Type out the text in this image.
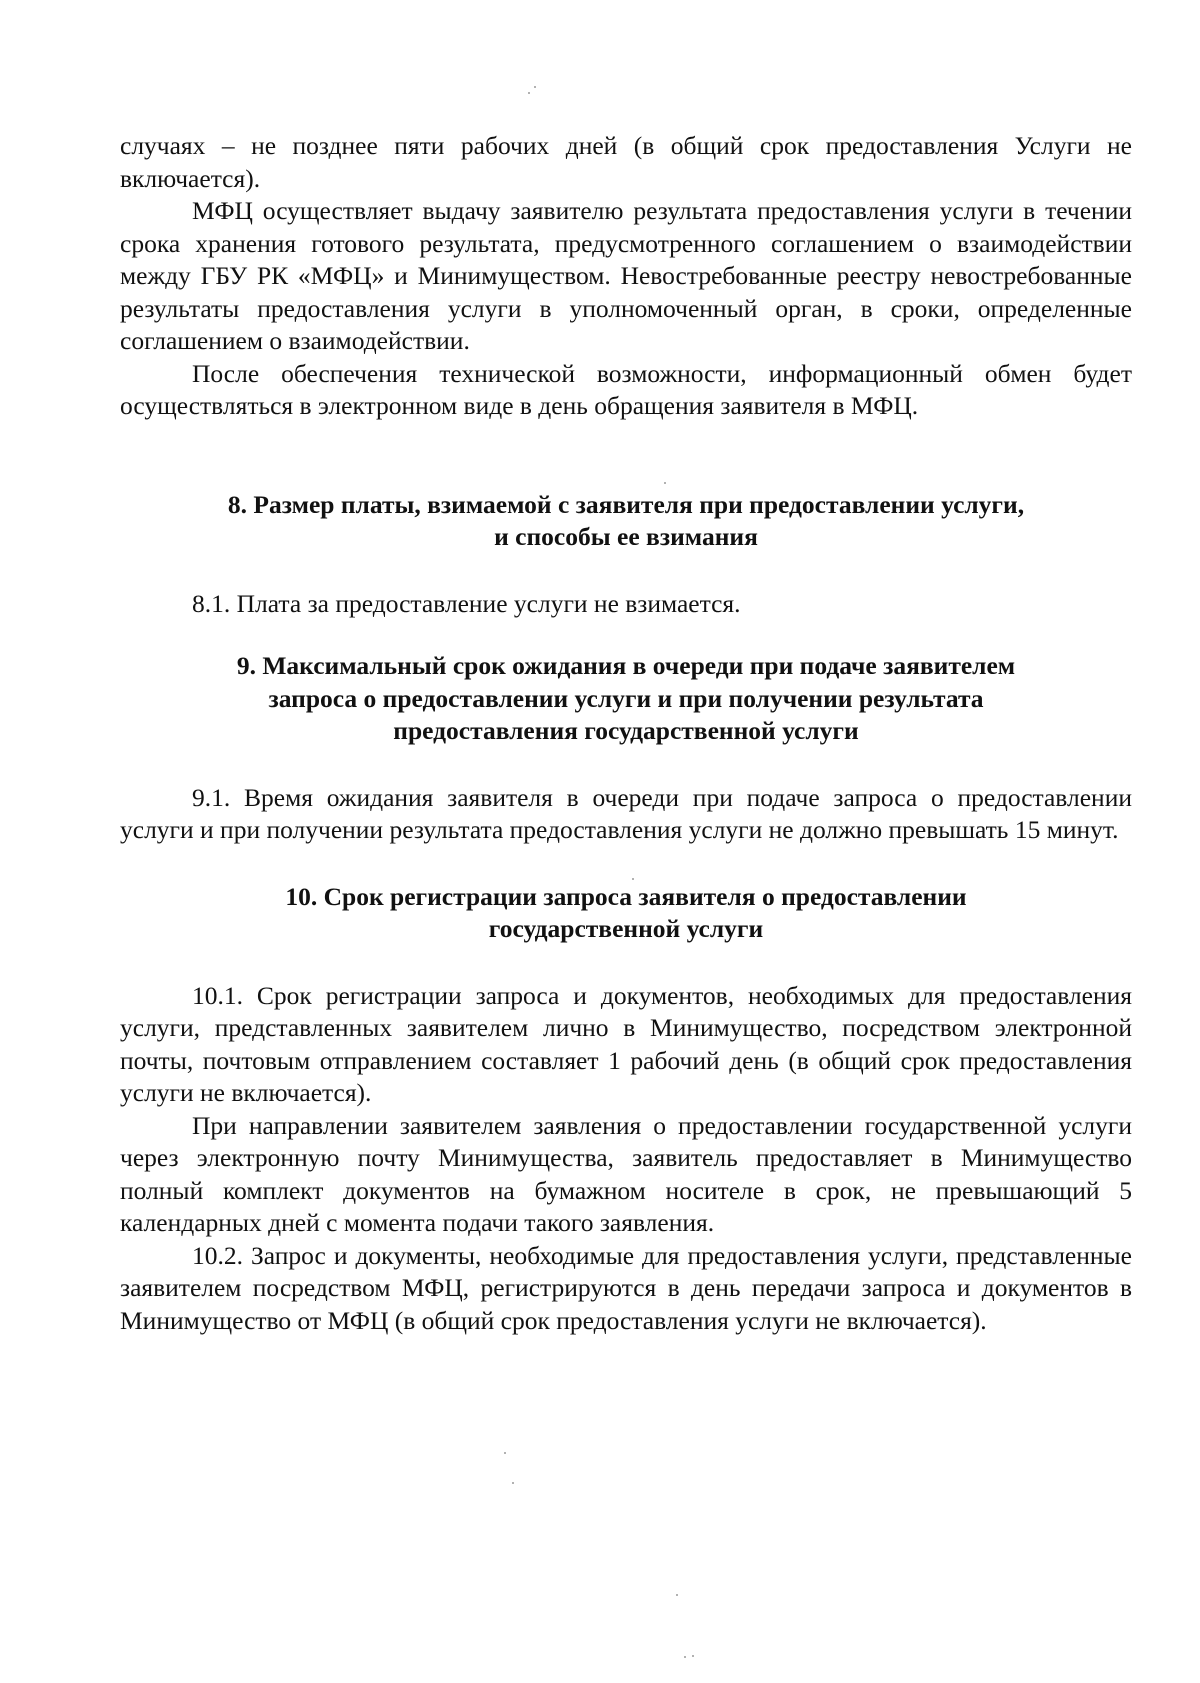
случаях – не позднее пяти рабочих дней (в общий срок предоставления Услуги не включается).

МФЦ осуществляет выдачу заявителю результата предоставления услуги в течении срока хранения готового результата, предусмотренного соглашением о взаимодействии между ГБУ РК «МФЦ» и Минимуществом. Невостребованные реестру невостребованные результаты предоставления услуги в уполномоченный орган, в сроки, определенные соглашением о взаимодействии.

После обеспечения технической возможности, информационный обмен будет осуществляться в электронном виде в день обращения заявителя в МФЦ.

8. Размер платы, взимаемой с заявителя при предоставлении услуги,

и способы ее взимания

8.1. Плата за предоставление услуги не взимается.

9. Максимальный срок ожидания в очереди при подаче заявителем

запроса о предоставлении услуги и при получении результата

предоставления государственной услуги

9.1. Время ожидания заявителя в очереди при подаче запроса о предоставлении услуги и при получении результата предоставления услуги не должно превышать 15 минут.

10. Срок регистрации запроса заявителя о предоставлении

государственной услуги

10.1. Срок регистрации запроса и документов, необходимых для предоставления услуги, представленных заявителем лично в Минимущество, посредством электронной почты, почтовым отправлением составляет 1 рабочий день (в общий срок предоставления услуги не включается).

При направлении заявителем заявления о предоставлении государственной услуги через электронную почту Минимущества, заявитель предоставляет в Минимущество полный комплект документов на бумажном носителе в срок, не превышающий 5 календарных дней с момента подачи такого заявления.

10.2. Запрос и документы, необходимые для предоставления услуги, представленные заявителем посредством МФЦ, регистрируются в день передачи запроса и документов в Минимущество от МФЦ (в общий срок предоставления услуги не включается).
